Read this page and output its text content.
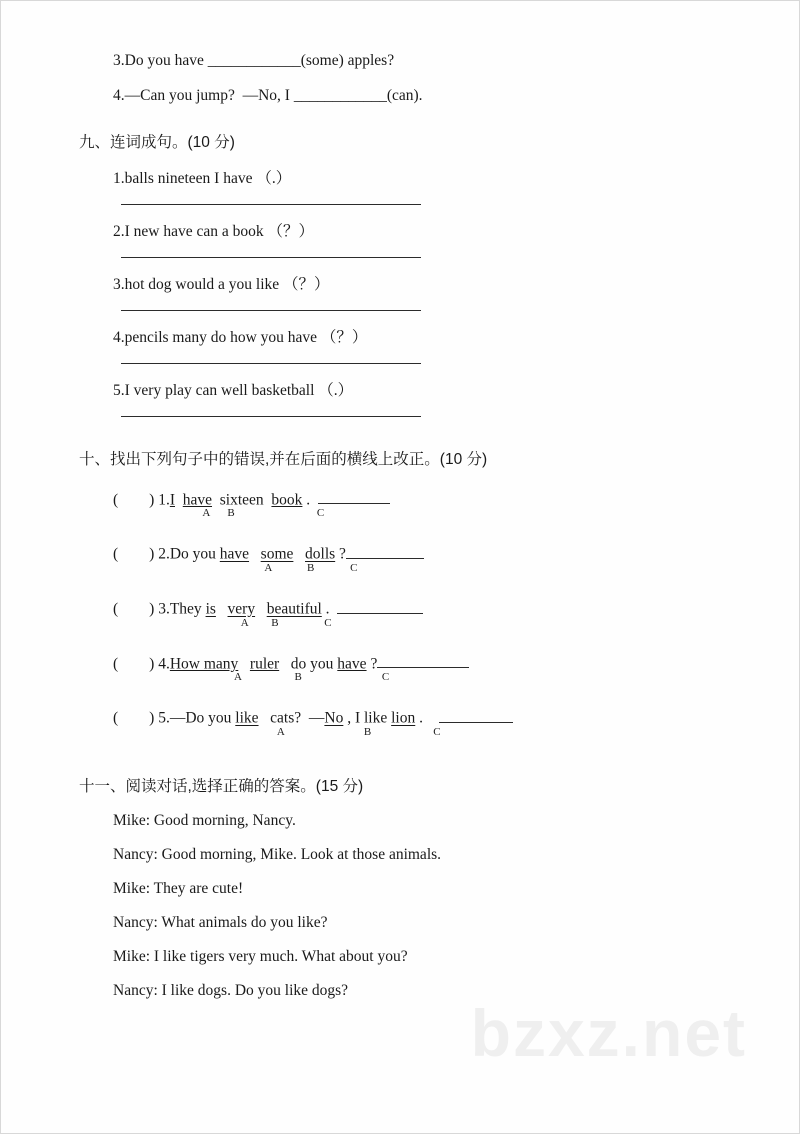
3.Do you have ____________(some) apples?
4.—Can you jump?  —No, I ____________(can).
九、连词成句。(10 分)
1.balls nineteen I have （.）
2.I new have can a book （？）
3.hot dog would a you like （？）
4.pencils many do how you have （？）
5.I very play can well basketball （.）
十、找出下列句子中的错误,并在后面的横线上改正。(10 分)
(        ) 1.I have  sixteen  book .
A B	C
(        ) 2.Do you have some dolls ?
A	B	C
(        ) 3.They is very beautiful .
A B	C
(        ) 4.How many ruler   do you have ?
A	B	C
(        ) 5.—Do you like   cats?  —No , I like lion .
A	B	C
十一、阅读对话,选择正确的答案。(15 分)
Mike: Good morning, Nancy.
Nancy: Good morning, Mike. Look at those animals.
Mike: They are cute!
Nancy: What animals do you like?
Mike: I like tigers very much. What about you?
Nancy: I like dogs. Do you like dogs?
bzxz.net
